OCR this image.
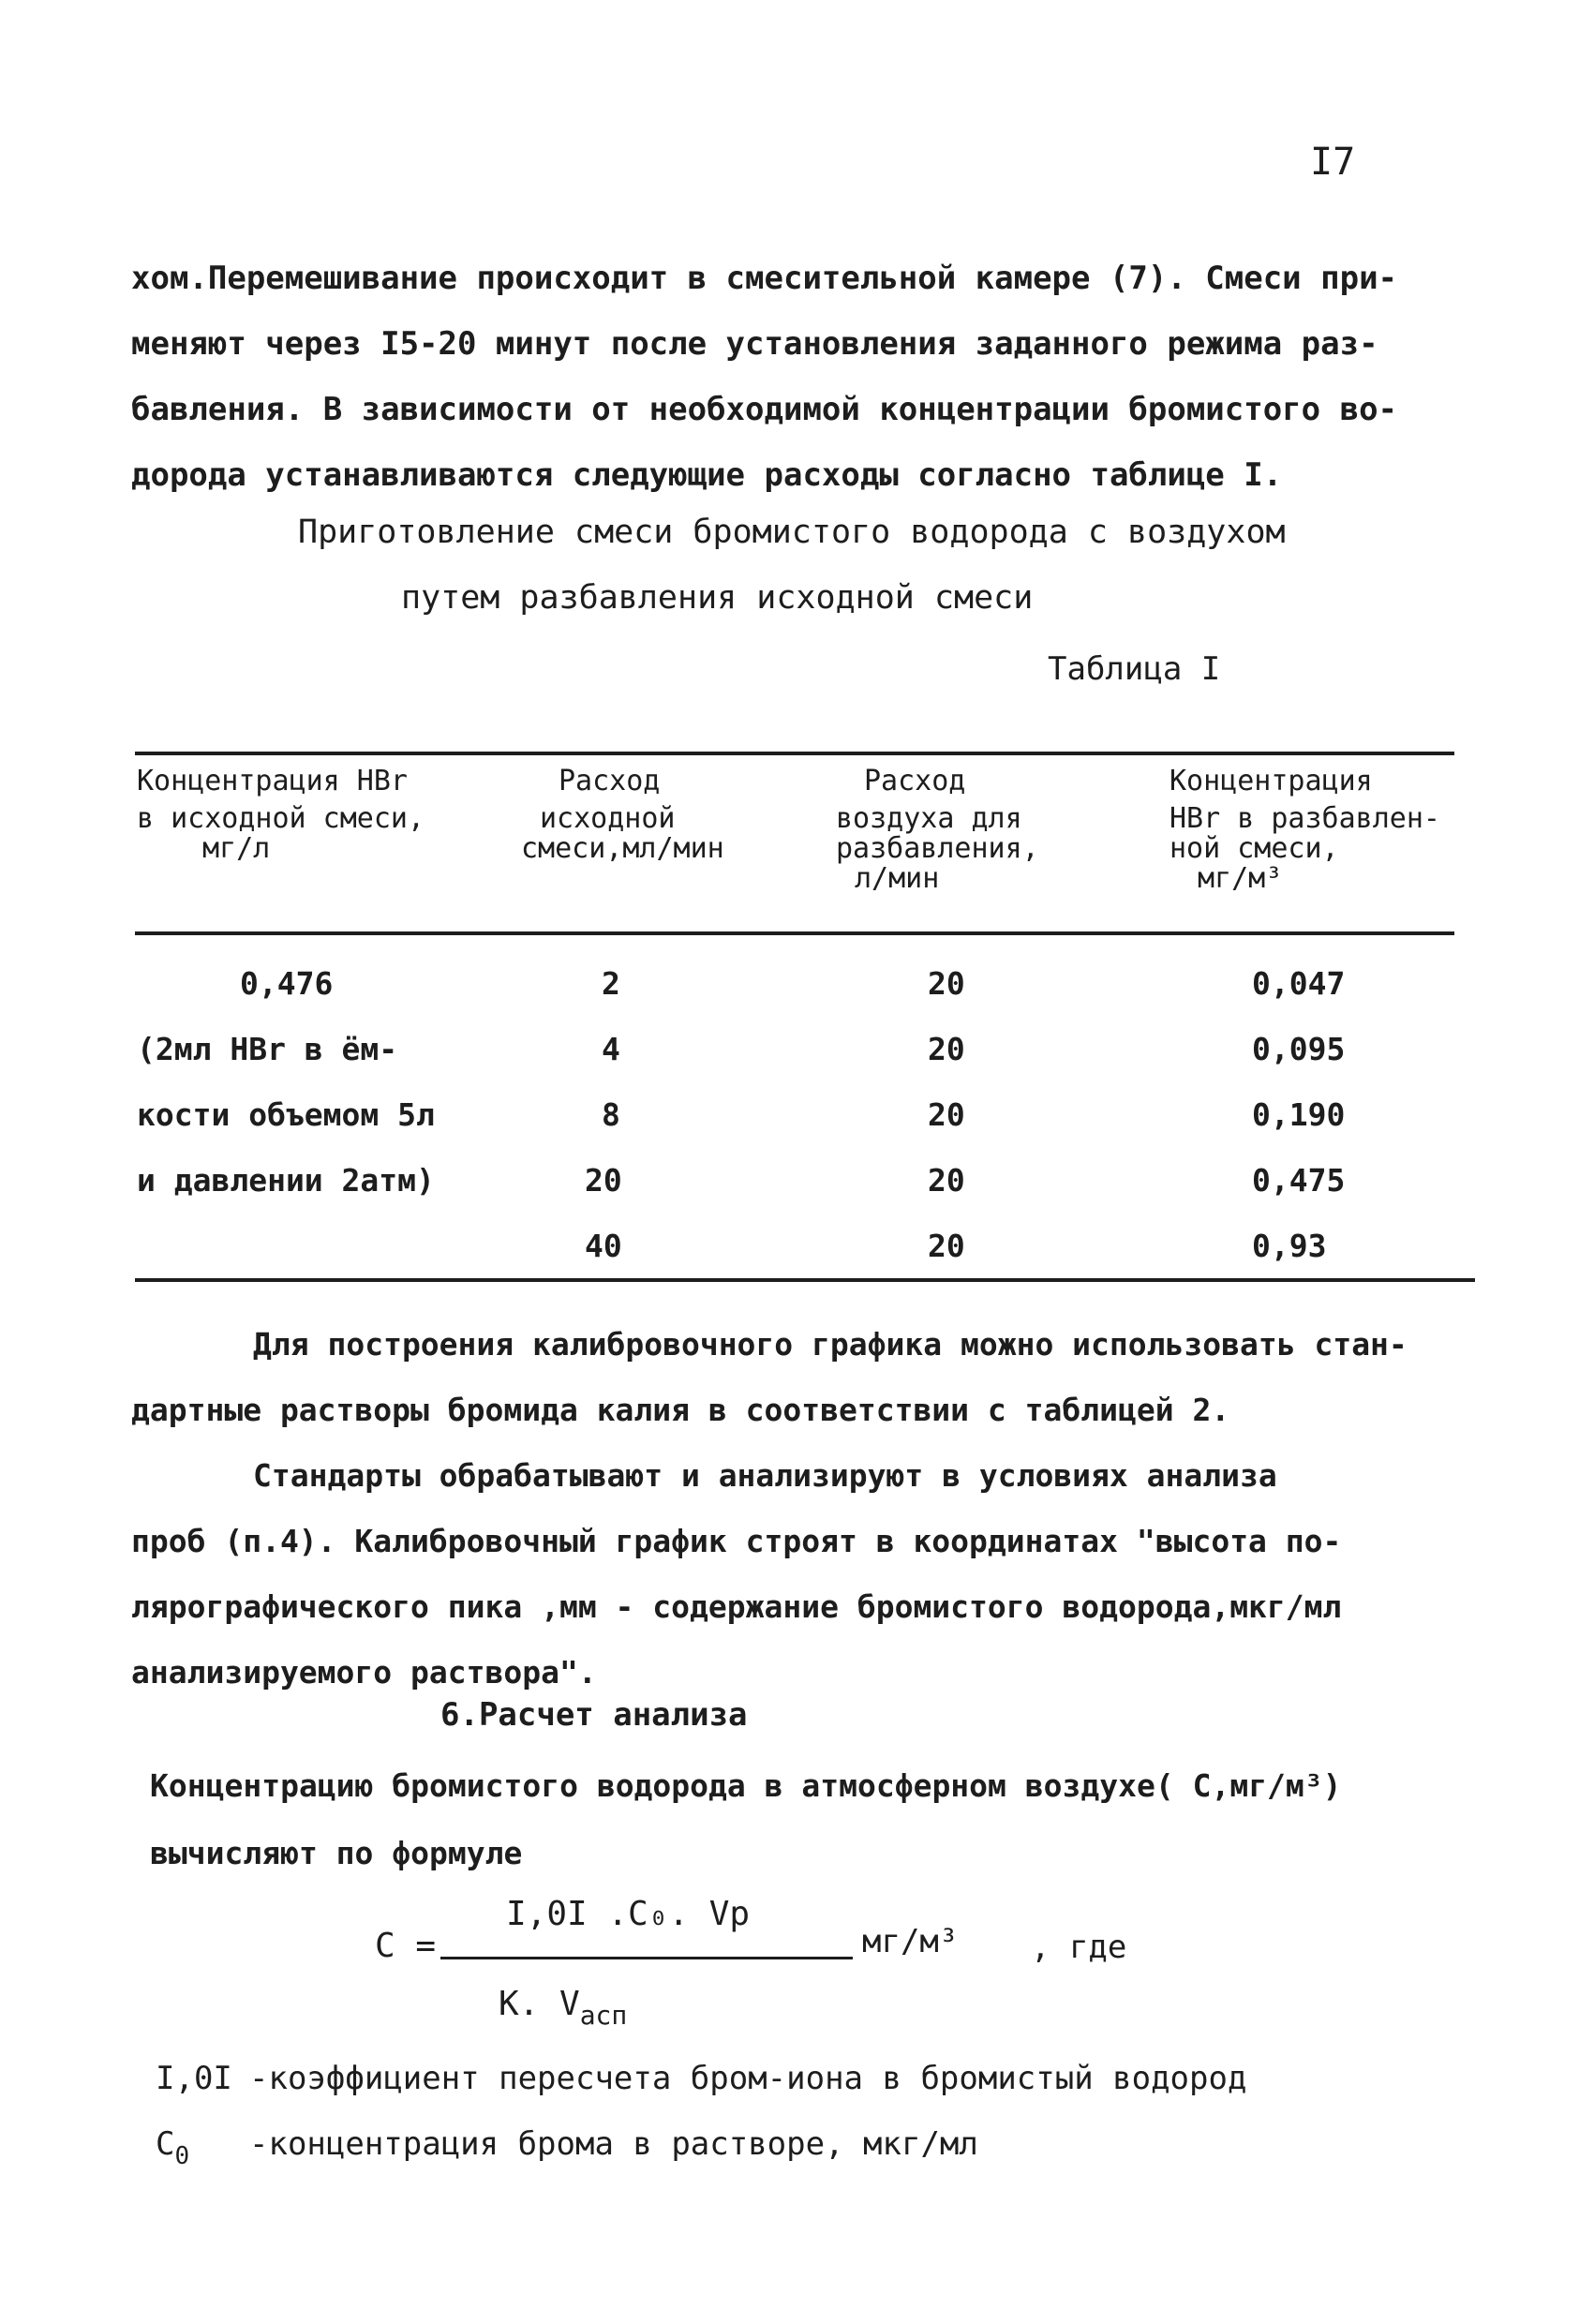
I7
хом.Перемешивание происходит в смесительной камере (7). Смеси при-
меняют через I5-20 минут после установления заданного режима раз-
бавления. В зависимости от необходимой концентрации бромистого во-
дорода устанавливаются следующие расходы согласно таблице I.
Приготовление смеси бромистого водорода с воздухом
путем разбавления исходной смеси
Таблица I
Концентрация HBr
в исходной смеси,
мг/л
Расход
исходной
смеси,мл/мин
Расход
воздуха для
разбавления,
л/мин
Концентрация
HBr в разбавлен-
ной смеси,
мг/м³
0,476
(2мл HBr в ём-
кости объемом 5л
и давлении 2атм)
2
4
8
20
40
20
20
20
20
20
0,047
0,095
0,190
0,475
0,93
Для построения калибровочного графика можно использовать стан-
дартные растворы бромида калия в соответствии с таблицей 2.
Стандарты обрабатывают и анализируют в условиях анализа
проб (п.4). Калибровочный график строят в координатах "высота по-
лярографического пика ,мм - содержание бромистого водорода,мкг/мл
анализируемого раствора".
6.Расчет анализа
Концентрацию бромистого водорода в атмосферном воздухе( С,мг/м³)
вычисляют по формуле
С =
I,0I .C₀. Vр
мг/м³ , где
К. $V_{асп}$
I,0I -коэффициент пересчета бром-иона в бромистый водород
$С_0$ -концентрация брома в растворе, мкг/мл
